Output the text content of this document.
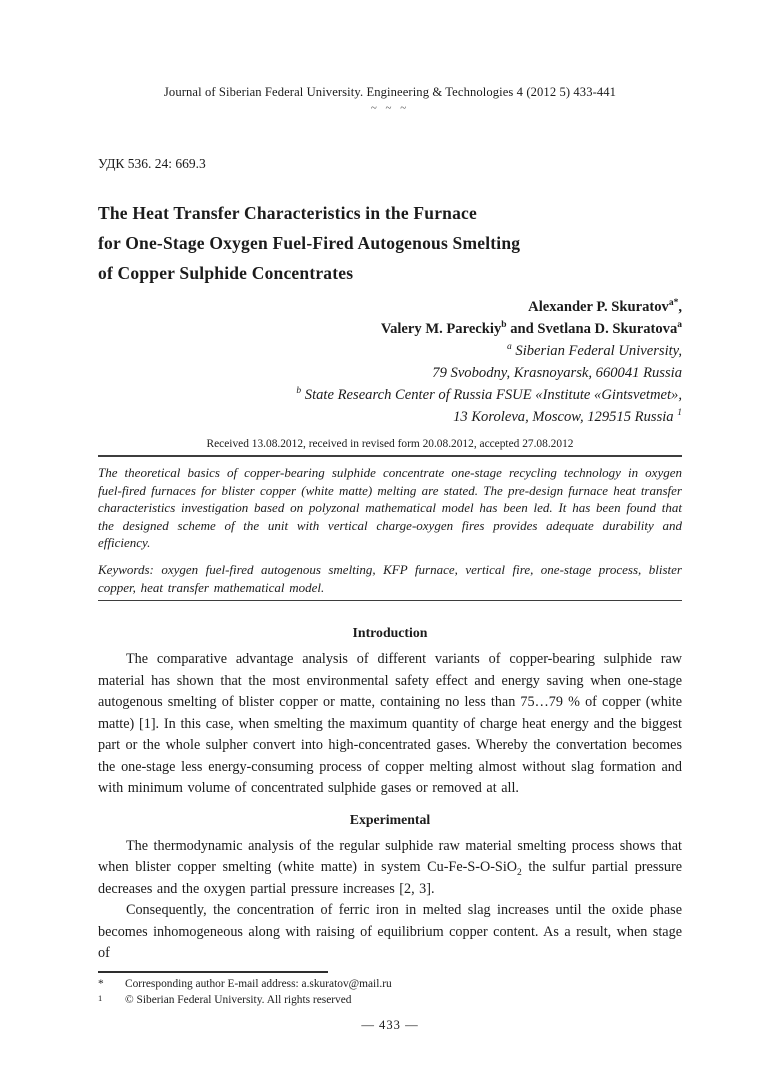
Journal of Siberian Federal University. Engineering & Technologies 4 (2012 5) 433-441
~ ~ ~
УДК 536. 24: 669.3
The Heat Transfer Characteristics in the Furnace
for One-Stage Oxygen Fuel-Fired Autogenous Smelting
of Copper Sulphide Concentrates
Alexander P. Skuratov$^{a*}$,
Valery M. Pareckiy$^b$ and Svetlana D. Skuratova$^a$
$^a$ Siberian Federal University,
79 Svobodny, Krasnoyarsk, 660041 Russia
$^b$ State Research Center of Russia FSUE «Institute «Gintsvetmet»,
13 Koroleva, Moscow, 129515 Russia $^1$
Received 13.08.2012, received in revised form 20.08.2012, accepted 27.08.2012
The theoretical basics of copper-bearing sulphide concentrate one-stage recycling technology in oxygen fuel-fired furnaces for blister copper (white matte) melting are stated. The pre-design furnace heat transfer characteristics investigation based on polyzonal mathematical model has been led. It has been found that the designed scheme of the unit with vertical charge-oxygen fires provides adequate durability and efficiency.
Keywords: oxygen fuel-fired autogenous smelting, KFP furnace, vertical fire, one-stage process, blister copper, heat transfer mathematical model.
Introduction
The comparative advantage analysis of different variants of copper-bearing sulphide raw material has shown that the most environmental safety effect and energy saving when one-stage autogenous smelting of blister copper or matte, containing no less than 75…79 % of copper (white matte) [1]. In this case, when smelting the maximum quantity of charge heat energy and the biggest part or the whole sulpher convert into high-concentrated gases. Whereby the convertation becomes the one-stage less energy-consuming process of copper melting almost without slag formation and with minimum volume of concentrated sulphide gases or removed at all.
Experimental
The thermodynamic analysis of the regular sulphide raw material smelting process shows that when blister copper smelting (white matte) in system Cu-Fe-S-O-SiO$_2$ the sulfur partial pressure decreases and the oxygen partial pressure increases [2, 3].
Consequently, the concentration of ferric iron in melted slag increases until the oxide phase becomes inhomogeneous along with raising of equilibrium copper content. As a result, when stage of
*	Corresponding author E-mail address: a.skuratov@mail.ru
1	© Siberian Federal University. All rights reserved
— 433 —
